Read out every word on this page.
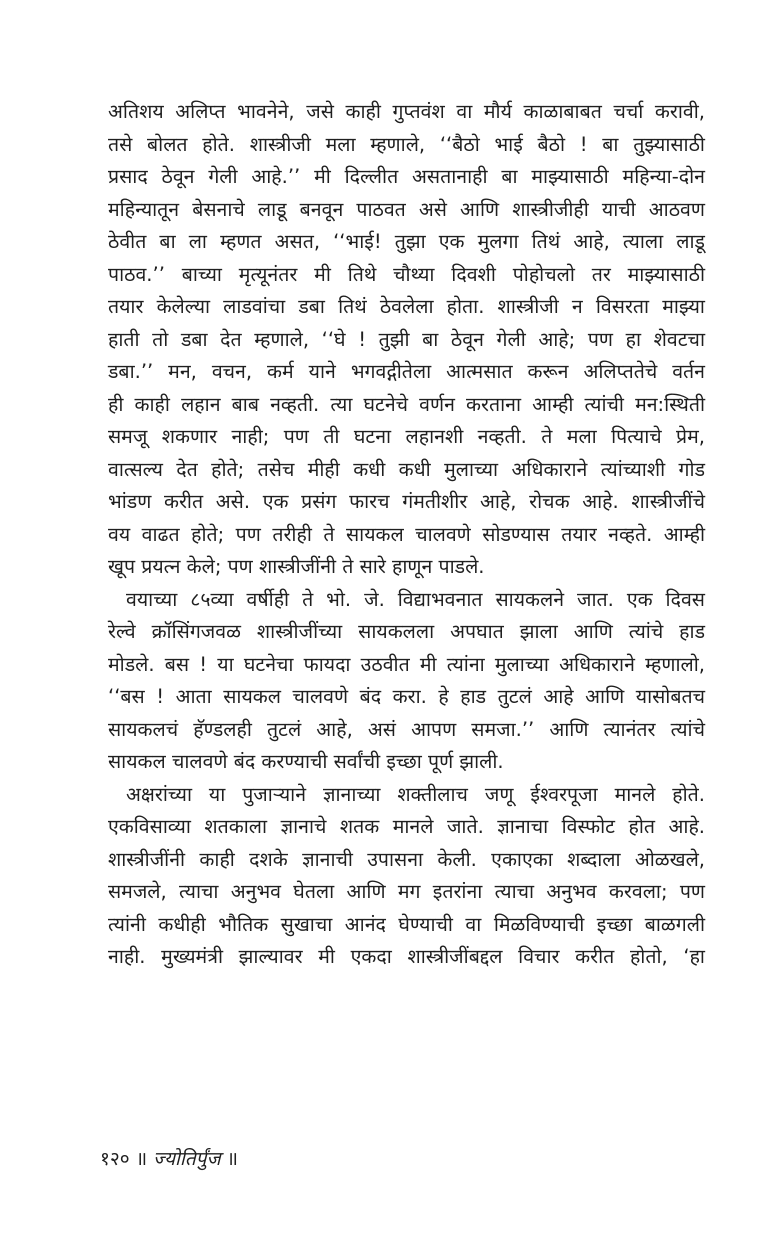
अतिशय अलिप्त भावनेने, जसे काही गुप्तवंश वा मौर्य काळाबाबत चर्चा करावी,
तसे बोलत होते. शास्त्रीजी मला म्हणाले, ‘‘बैठो भाई बैठो ! बा तुझ्यासाठी
प्रसाद ठेवून गेली आहे.’’ मी दिल्लीत असतानाही बा माझ्यासाठी महिन्या-दोन
महिन्यातून बेसनाचे लाडू बनवून पाठवत असे आणि शास्त्रीजीही याची आठवण
ठेवीत बा ला म्हणत असत, ‘‘भाई! तुझा एक मुलगा तिथं आहे, त्याला लाडू
पाठव.’’ बाच्या मृत्यूनंतर मी तिथे चौथ्या दिवशी पोहोचलो तर माझ्यासाठी
तयार केलेल्या लाडवांचा डबा तिथं ठेवलेला होता. शास्त्रीजी न विसरता माझ्या
हाती तो डबा देत म्हणाले, ‘‘घे ! तुझी बा ठेवून गेली आहे; पण हा शेवटचा
डबा.’’ मन, वचन, कर्म याने भगवद्गीतेला आत्मसात करून अलिप्ततेचे वर्तन
ही काही लहान बाब नव्हती. त्या घटनेचे वर्णन करताना आम्ही त्यांची मन:स्थिती
समजू शकणार नाही; पण ती घटना लहानशी नव्हती. ते मला पित्याचे प्रेम,
वात्सल्य देत होते; तसेच मीही कधी कधी मुलाच्या अधिकाराने त्यांच्याशी गोड
भांडण करीत असे. एक प्रसंग फारच गंमतीशीर आहे, रोचक आहे. शास्त्रीजींचे
वय वाढत होते; पण तरीही ते सायकल चालवणे सोडण्यास तयार नव्हते. आम्ही
खूप प्रयत्न केले; पण शास्त्रीजींनी ते सारे हाणून पाडले.
वयाच्या ८५व्या वर्षीही ते भो. जे. विद्याभवनात सायकलने जात. एक दिवस
रेल्वे क्रॉसिंगजवळ शास्त्रीजींच्या सायकलला अपघात झाला आणि त्यांचे हाड
मोडले. बस ! या घटनेचा फायदा उठवीत मी त्यांना मुलाच्या अधिकाराने म्हणालो,
‘‘बस ! आता सायकल चालवणे बंद करा. हे हाड तुटलं आहे आणि यासोबतच
सायकलचं हॅण्डलही तुटलं आहे, असं आपण समजा.’’ आणि त्यानंतर त्यांचे
सायकल चालवणे बंद करण्याची सर्वांची इच्छा पूर्ण झाली.
अक्षरांच्या या पुजाऱ्याने ज्ञानाच्या शक्तीलाच जणू ईश्वरपूजा मानले होते.
एकविसाव्या शतकाला ज्ञानाचे शतक मानले जाते. ज्ञानाचा विस्फोट होत आहे.
शास्त्रीजींनी काही दशके ज्ञानाची उपासना केली. एकाएका शब्दाला ओळखले,
समजले, त्याचा अनुभव घेतला आणि मग इतरांना त्याचा अनुभव करवला; पण
त्यांनी कधीही भौतिक सुखाचा आनंद घेण्याची वा मिळविण्याची इच्छा बाळगली
नाही. मुख्यमंत्री झाल्यावर मी एकदा शास्त्रीजींबद्दल विचार करीत होतो, ‘हा
१२० ॥ ज्योतिर्पुंज ॥
